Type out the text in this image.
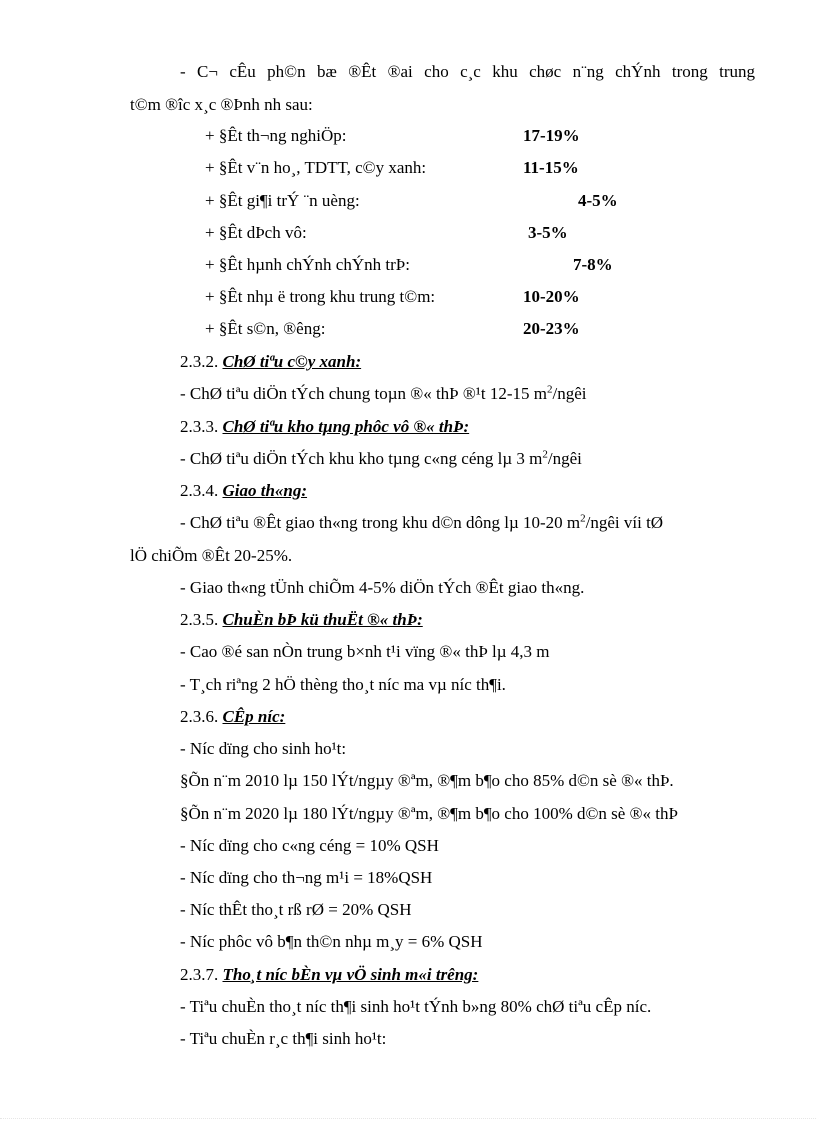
- C¬ cÊu ph©n bæ ®Êt ®ai cho c¸c khu chøc n¨ng chÝnh trong trung
t©m ®îc x¸c ®Þnh nh sau:
+ §Êt th¬ng nghiÖp:	17-19%
+ §Êt v¨n ho¸, TDTT, c©y xanh:	11-15%
+ §Êt gi¶i trÝ ¨n uèng:	4-5%
+ §Êt dÞch vô:	3-5%
+ §Êt hµnh chÝnh chÝnh trÞ:	7-8%
+ §Êt nhµ ë trong khu trung t©m:	10-20%
+ §Êt s©n, ®êng:	20-23%
2.3.2. ChØ tiªu c©y xanh:
- ChØ tiªu diÖn tÝch chung toµn ®« thÞ ®¹t 12-15 $m^2$/ngêi
2.3.3. ChØ tiªu kho tµng phôc vô ®« thÞ:
- ChØ tiªu diÖn tÝch khu kho tµng c«ng céng lµ 3 $m^2$/ngêi
2.3.4. Giao th«ng:
- ChØ tiªu ®Êt giao th«ng trong khu d©n dông lµ 10-20 $m^2$/ngêi víi tØ
lÖ chiÕm ®Êt 20-25%.
- Giao th«ng tÜnh chiÕm 4-5% diÖn tÝch ®Êt giao th«ng.
2.3.5. ChuÈn bÞ kü thuËt ®« thÞ:
- Cao ®é san nÒn trung b×nh t¹i vïng ®« thÞ lµ 4,3 m
- T¸ch riªng 2 hÖ thèng tho¸t níc ma vµ níc th¶i.
2.3.6. CÊp níc:
- Níc dïng cho sinh ho¹t:
§Õn n¨m 2010 lµ 150 lÝt/ngµy ®ªm, ®¶m b¶o cho 85% d©n sè ®« thÞ.
§Õn n¨m 2020 lµ 180 lÝt/ngµy ®ªm, ®¶m b¶o cho 100% d©n sè ®« thÞ
- Níc dïng cho c«ng céng = 10% QSH
- Níc dïng cho th¬ng m¹i = 18%QSH
- Níc thÊt tho¸t rß rØ = 20% QSH
- Níc phôc vô b¶n th©n nhµ m¸y = 6% QSH
2.3.7. Tho¸t níc bÈn vµ vÖ sinh m«i trêng:
- Tiªu chuÈn tho¸t níc th¶i sinh ho¹t tÝnh b»ng 80% chØ tiªu cÊp níc.
- Tiªu chuÈn r¸c th¶i sinh ho¹t:
